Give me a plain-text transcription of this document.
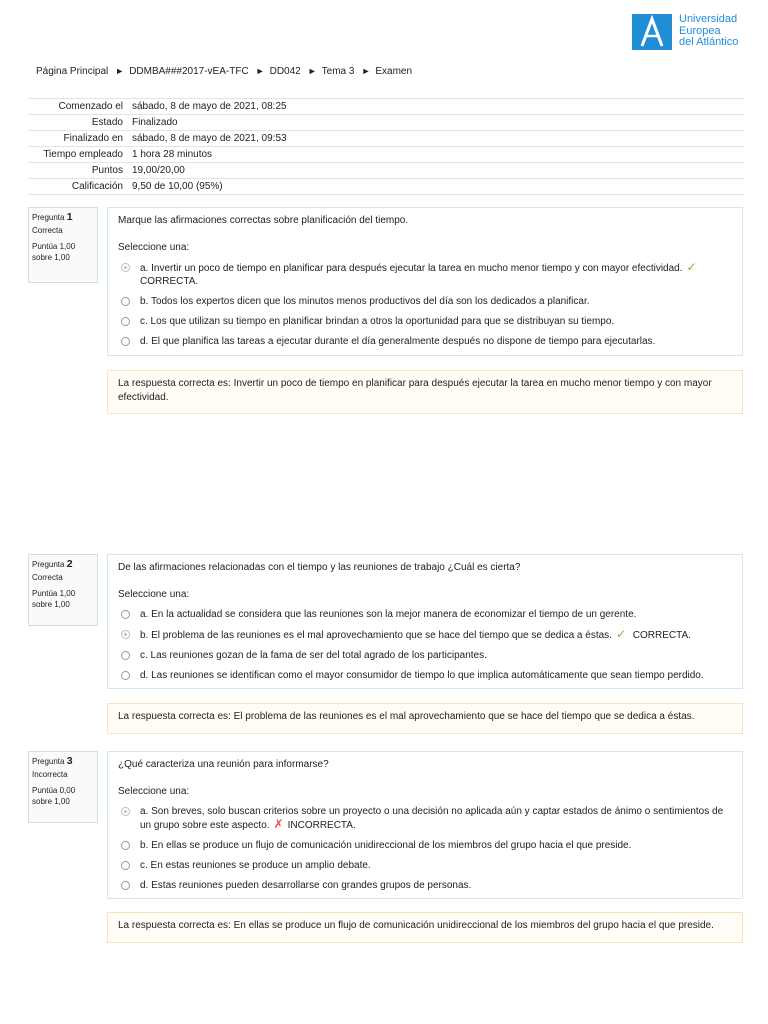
Universidad
Europea
del Atlántico
Página Principal ► DDMBA###2017-vEA-TFC ► DD042 ► Tema 3 ► Examen
Comenzado el sábado, 8 de mayo de 2021, 08:25
Estado Finalizado
Finalizado en sábado, 8 de mayo de 2021, 09:53
Tiempo empleado 1 hora 28 minutos
Puntos 19,00/20,00
Calificación 9,50 de 10,00 (95%)
Pregunta 1
Correcta
Puntúa 1,00 sobre 1,00
Marque las afirmaciones correctas sobre planificación del tiempo.
Seleccione una:
a. Invertir un poco de tiempo en planificar para después ejecutar la tarea en mucho menor tiempo y con mayor efectividad. ✓
CORRECTA.
b. Todos los expertos dicen que los minutos menos productivos del día son los dedicados a planificar.
c. Los que utilizan su tiempo en planificar brindan a otros la oportunidad para que se distribuyan su tiempo.
d. El que planifica las tareas a ejecutar durante el día generalmente después no dispone de tiempo para ejecutarlas.
La respuesta correcta es: Invertir un poco de tiempo en planificar para después ejecutar la tarea en mucho menor tiempo y con mayor efectividad.
Pregunta 2
Correcta
Puntúa 1,00 sobre 1,00
De las afirmaciones relacionadas con el tiempo y las reuniones de trabajo ¿Cuál es cierta?
Seleccione una:
a. En la actualidad se considera que las reuniones son la mejor manera de economizar el tiempo de un gerente.
b. El problema de las reuniones es el mal aprovechamiento que se hace del tiempo que se dedica a éstas. ✓ CORRECTA.
c. Las reuniones gozan de la fama de ser del total agrado de los participantes.
d. Las reuniones se identifican como el mayor consumidor de tiempo lo que implica automáticamente que sean tiempo perdido.
La respuesta correcta es: El problema de las reuniones es el mal aprovechamiento que se hace del tiempo que se dedica a éstas.
Pregunta 3
Incorrecta
Puntúa 0,00 sobre 1,00
¿Qué caracteriza una reunión para informarse?
Seleccione una:
a. Son breves, solo buscan criterios sobre un proyecto o una decisión no aplicada aún y captar estados de ánimo o sentimientos de un grupo sobre este aspecto. ✗ INCORRECTA.
b. En ellas se produce un flujo de comunicación unidireccional de los miembros del grupo hacia el que preside.
c. En estas reuniones se produce un amplio debate.
d. Estas reuniones pueden desarrollarse con grandes grupos de personas.
La respuesta correcta es: En ellas se produce un flujo de comunicación unidireccional de los miembros del grupo hacia el que preside.
